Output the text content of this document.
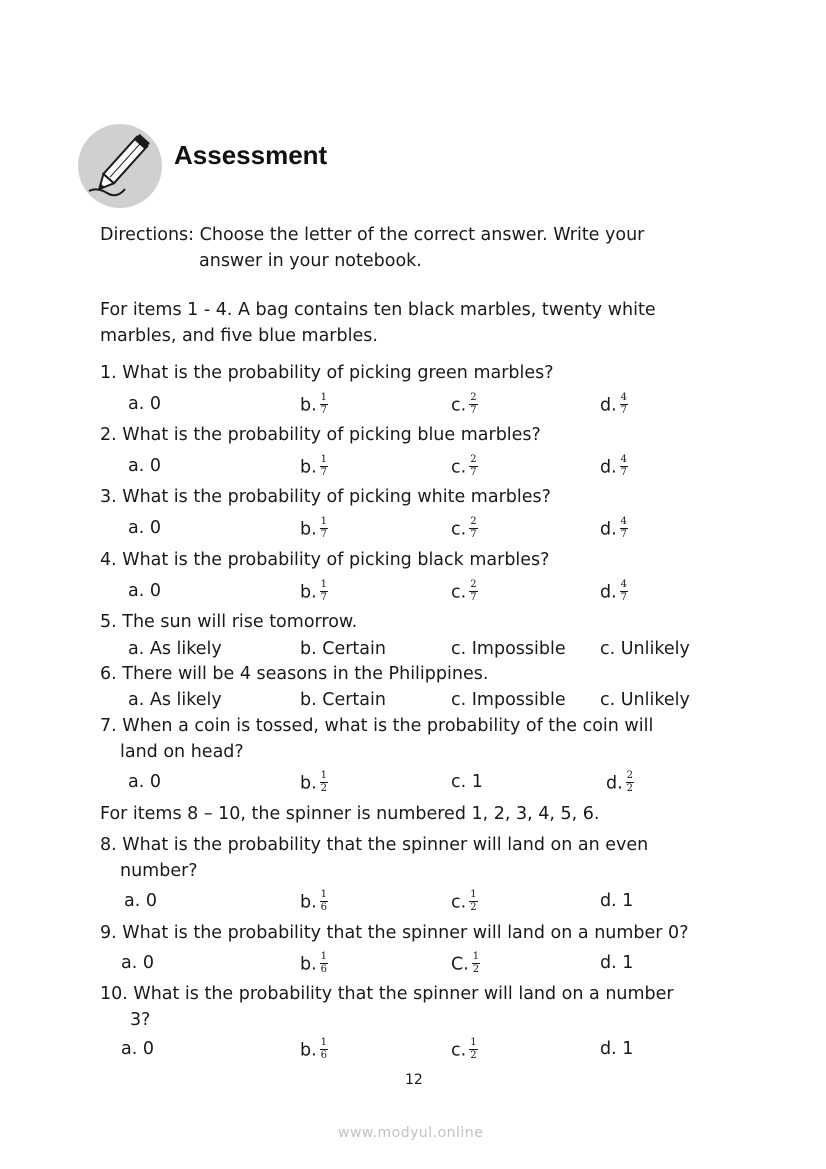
Assessment
Directions: Choose the letter of the correct answer. Write your
answer in your notebook.
For items 1 - 4. A bag contains ten black marbles, twenty white
marbles, and five blue marbles.
1. What is the probability of picking green marbles?
a. 0	b. $\frac{1}{7}$	c. $\frac{2}{7}$	d. $\frac{4}{7}$
2. What is the probability of picking blue marbles?
a. 0	b. $\frac{1}{7}$	c. $\frac{2}{7}$	d. $\frac{4}{7}$
3. What is the probability of picking white marbles?
a. 0	b. $\frac{1}{7}$	c. $\frac{2}{7}$	d. $\frac{4}{7}$
4. What is the probability of picking black marbles?
a. 0	b. $\frac{1}{7}$	c. $\frac{2}{7}$	d. $\frac{4}{7}$
5. The sun will rise tomorrow.
a. As likely	b. Certain	c. Impossible c. Unlikely
6. There will be 4 seasons in the Philippines.
a. As likely	b. Certain	c. Impossible c. Unlikely
7. When a coin is tossed, what is the probability of the coin will
land on head?
a. 0	b. $\frac{1}{2}$	c. 1	d. $\frac{2}{2}$
For items 8 – 10, the spinner is numbered 1, 2, 3, 4, 5, 6.
8. What is the probability that the spinner will land on an even
number?
a. 0	b. $\frac{1}{6}$	c. $\frac{1}{2}$	d. 1
9. What is the probability that the spinner will land on a number 0?
a. 0	b. $\frac{1}{6}$	C. $\frac{1}{2}$	d. 1
10. What is the probability that the spinner will land on a number
3?
a. 0	b. $\frac{1}{6}$	c. $\frac{1}{2}$	d. 1
12
www.modyul.online
